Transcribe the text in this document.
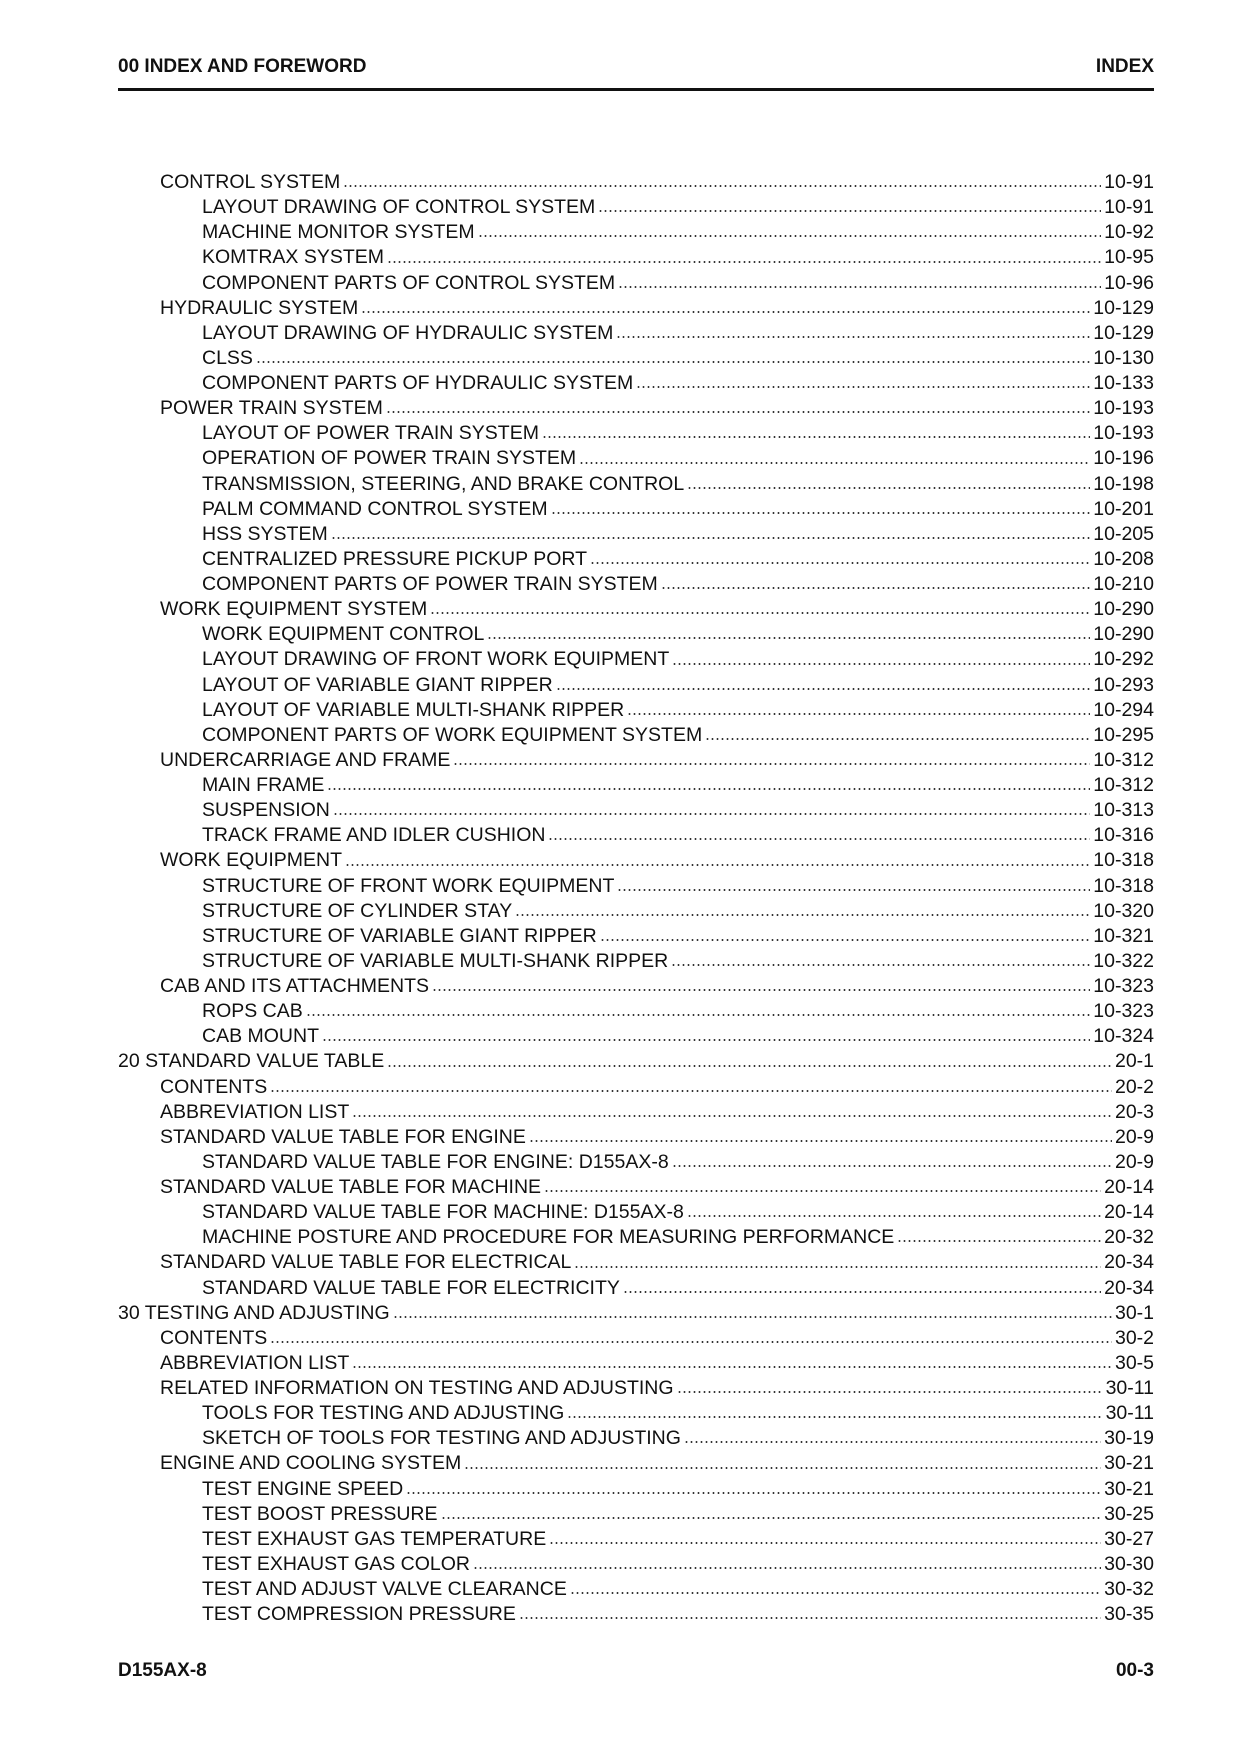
00 INDEX AND FOREWORD	INDEX
CONTROL SYSTEM	10-91
LAYOUT DRAWING OF CONTROL SYSTEM	10-91
MACHINE MONITOR SYSTEM	10-92
KOMTRAX SYSTEM	10-95
COMPONENT PARTS OF CONTROL SYSTEM	10-96
HYDRAULIC SYSTEM	10-129
LAYOUT DRAWING OF HYDRAULIC SYSTEM	10-129
CLSS	10-130
COMPONENT PARTS OF HYDRAULIC SYSTEM	10-133
POWER TRAIN SYSTEM	10-193
LAYOUT OF POWER TRAIN SYSTEM	10-193
OPERATION OF POWER TRAIN SYSTEM	10-196
TRANSMISSION, STEERING, AND BRAKE CONTROL	10-198
PALM COMMAND CONTROL SYSTEM	10-201
HSS SYSTEM	10-205
CENTRALIZED PRESSURE PICKUP PORT	10-208
COMPONENT PARTS OF POWER TRAIN SYSTEM	10-210
WORK EQUIPMENT SYSTEM	10-290
WORK EQUIPMENT CONTROL	10-290
LAYOUT DRAWING OF FRONT WORK EQUIPMENT	10-292
LAYOUT OF VARIABLE GIANT RIPPER	10-293
LAYOUT OF VARIABLE MULTI-SHANK RIPPER	10-294
COMPONENT PARTS OF WORK EQUIPMENT SYSTEM	10-295
UNDERCARRIAGE AND FRAME	10-312
MAIN FRAME	10-312
SUSPENSION	10-313
TRACK FRAME AND IDLER CUSHION	10-316
WORK EQUIPMENT	10-318
STRUCTURE OF FRONT WORK EQUIPMENT	10-318
STRUCTURE OF CYLINDER STAY	10-320
STRUCTURE OF VARIABLE GIANT RIPPER	10-321
STRUCTURE OF VARIABLE MULTI-SHANK RIPPER	10-322
CAB AND ITS ATTACHMENTS	10-323
ROPS CAB	10-323
CAB MOUNT	10-324
20 STANDARD VALUE TABLE	20-1
CONTENTS	20-2
ABBREVIATION LIST	20-3
STANDARD VALUE TABLE FOR ENGINE	20-9
STANDARD VALUE TABLE FOR ENGINE: D155AX-8	20-9
STANDARD VALUE TABLE FOR MACHINE	20-14
STANDARD VALUE TABLE FOR MACHINE: D155AX-8	20-14
MACHINE POSTURE AND PROCEDURE FOR MEASURING PERFORMANCE	20-32
STANDARD VALUE TABLE FOR ELECTRICAL	20-34
STANDARD VALUE TABLE FOR ELECTRICITY	20-34
30 TESTING AND ADJUSTING	30-1
CONTENTS	30-2
ABBREVIATION LIST	30-5
RELATED INFORMATION ON TESTING AND ADJUSTING	30-11
TOOLS FOR TESTING AND ADJUSTING	30-11
SKETCH OF TOOLS FOR TESTING AND ADJUSTING	30-19
ENGINE AND COOLING SYSTEM	30-21
TEST ENGINE SPEED	30-21
TEST BOOST PRESSURE	30-25
TEST EXHAUST GAS TEMPERATURE	30-27
TEST EXHAUST GAS COLOR	30-30
TEST AND ADJUST VALVE CLEARANCE	30-32
TEST COMPRESSION PRESSURE	30-35
D155AX-8	00-3
